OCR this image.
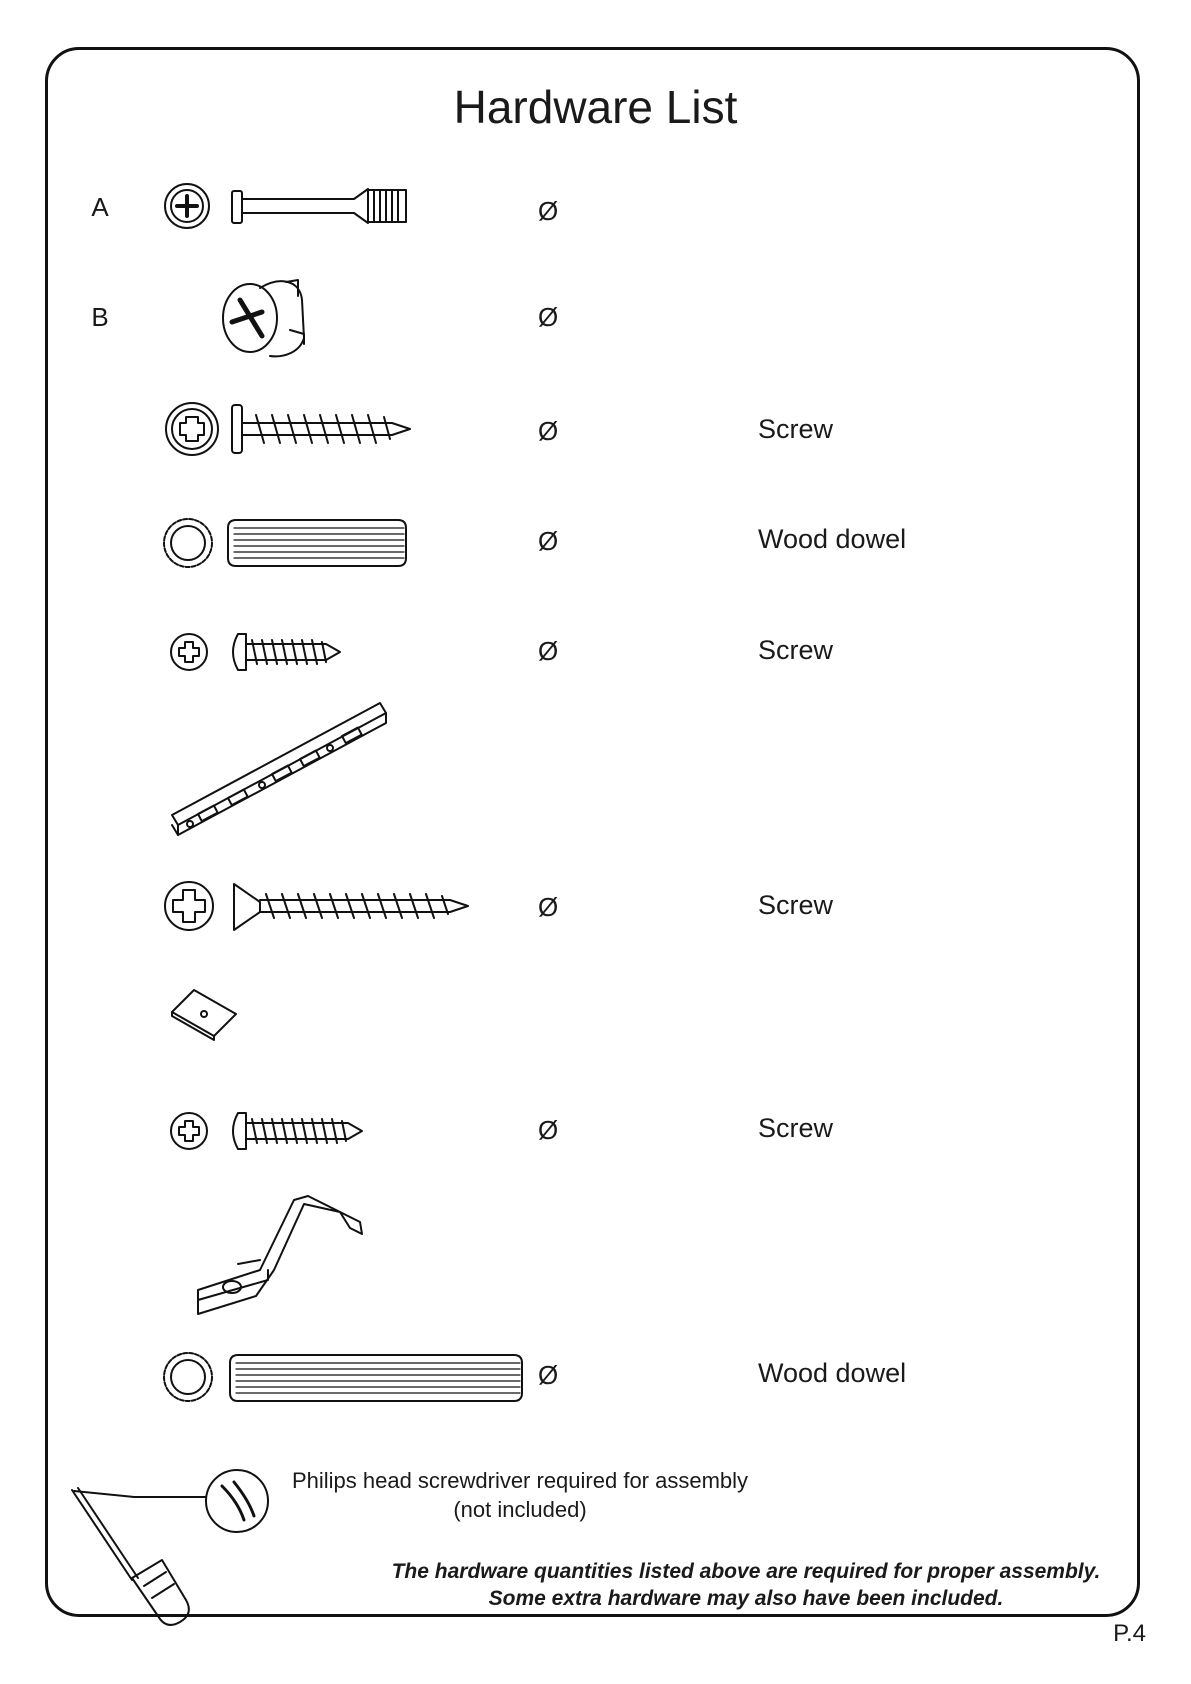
Hardware List
A
B
Ø
Ø
Ø
Ø
Ø
Ø
Ø
Ø
Screw
Wood dowel
Screw
Screw
Screw
Wood dowel
Philips head screwdriver required for assembly
(not included)
The hardware quantities listed above are required for proper assembly.
Some extra hardware may also have been included.
P.4
